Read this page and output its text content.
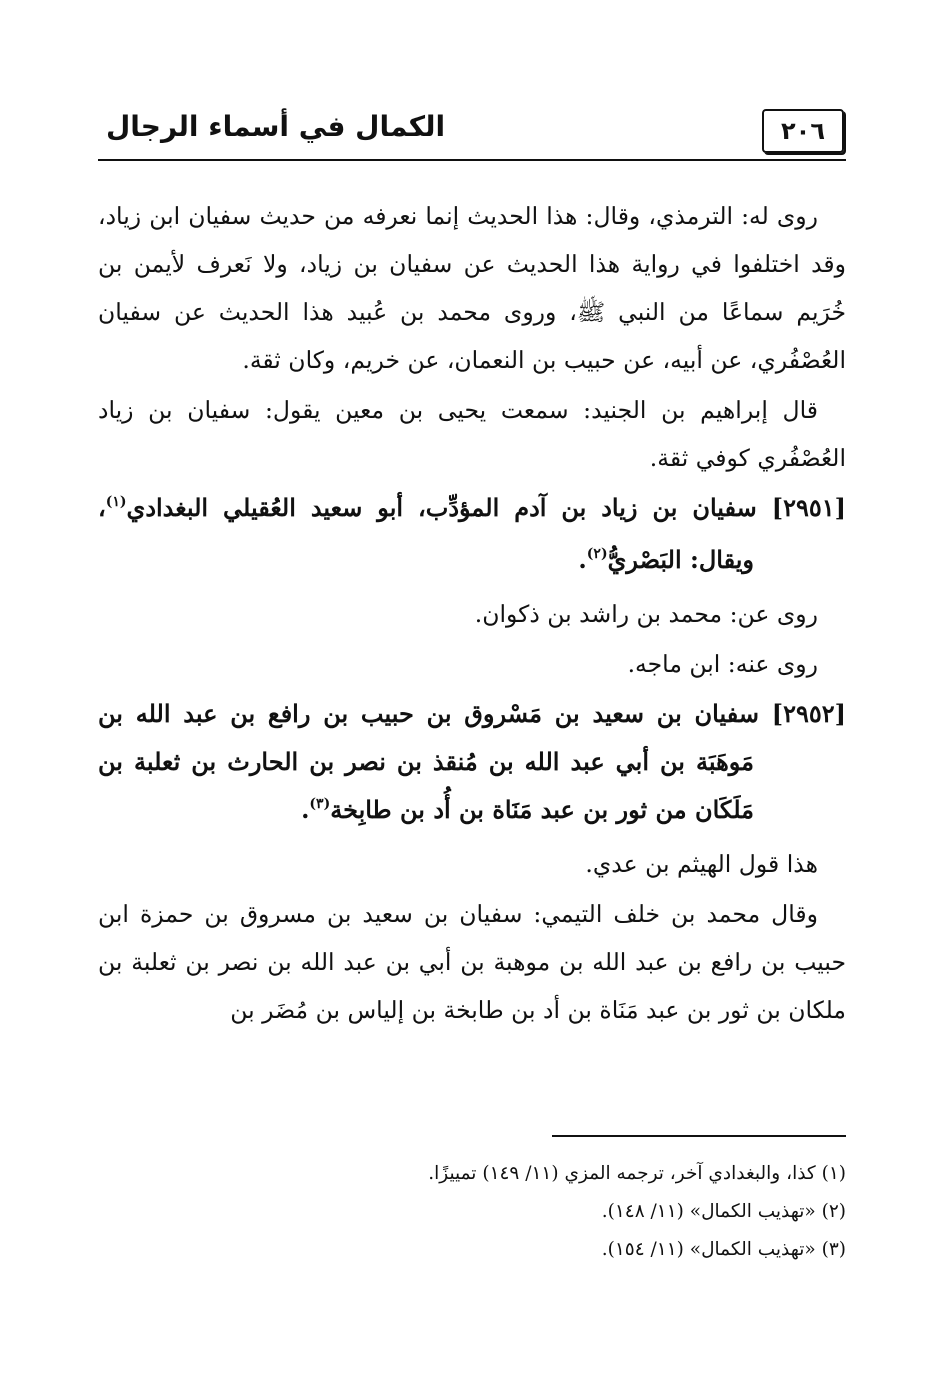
الكمال في أسماء الرجال	٢٠٦

روى له: الترمذي، وقال: هذا الحديث إنما نعرفه من حديث سفيان ابن زياد، وقد اختلفوا في رواية هذا الحديث عن سفيان بن زياد، ولا نَعرف لأيمن بن خُرَيم سماعًا من النبي ﷺ، وروى محمد بن عُبيد هذا الحديث عن سفيان العُصْفُري، عن أبيه، عن حبيب بن النعمان، عن خريم، وكان ثقة.

قال إبراهيم بن الجنيد: سمعت يحيى بن معين يقول: سفيان بن زياد العُصْفُري كوفي ثقة.

[٢٩٥١] سفيان بن زياد بن آدم المؤدِّب، أبو سعيد العُقيلي البغدادي$^{(١)}$، ويقال: البَصْريُّ$^{(٢)}$.

روى عن: محمد بن راشد بن ذكوان.

روى عنه: ابن ماجه.

[٢٩٥٢] سفيان بن سعيد بن مَسْروق بن حبيب بن رافع بن عبد الله بن مَوهَبَة بن أبي عبد الله بن مُنقذ بن نصر بن الحارث بن ثعلبة بن مَلَكَان من ثور بن عبد مَنَاة بن أُد بن طابِخة$^{(٣)}$.

هذا قول الهيثم بن عدي.

وقال محمد بن خلف التيمي: سفيان بن سعيد بن مسروق بن حمزة ابن حبيب بن رافع بن عبد الله بن موهبة بن أبي بن عبد الله بن نصر بن ثعلبة بن ملكان بن ثور بن عبد مَنَاة بن أد بن طابخة بن إلياس بن مُضَر بن

(١) كذا، والبغدادي آخر، ترجمه المزي (١١/ ١٤٩) تمييزًا.
(٢) «تهذيب الكمال» (١١/ ١٤٨).
(٣) «تهذيب الكمال» (١١/ ١٥٤).
